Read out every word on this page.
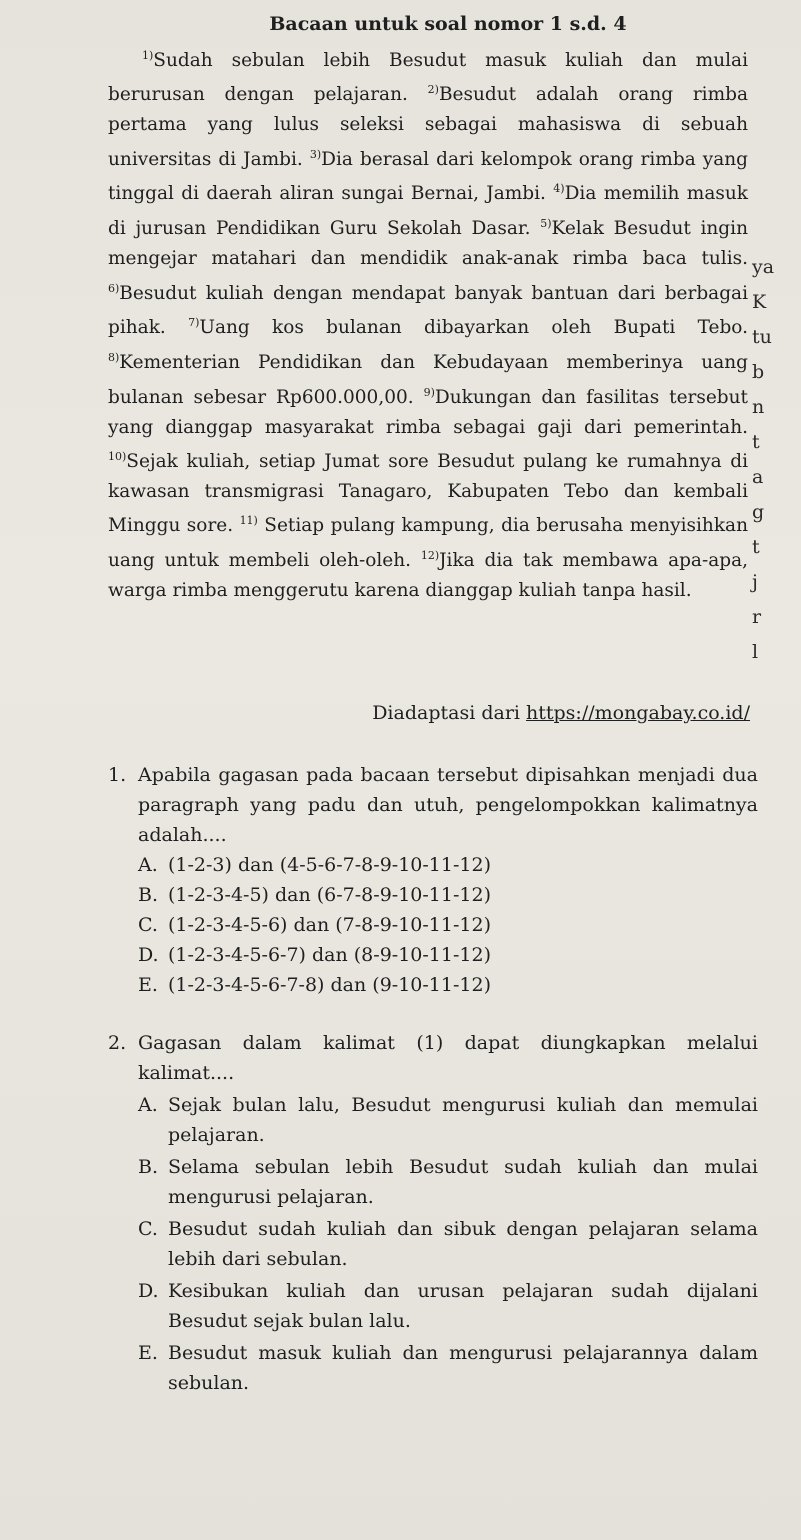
Bacaan untuk soal nomor 1 s.d. 4
$^{1)}$Sudah sebulan lebih Besudut masuk kuliah dan mulai berurusan dengan pelajaran. $^{2)}$Besudut adalah orang rimba pertama yang lulus seleksi sebagai mahasiswa di sebuah universitas di Jambi. $^{3)}$Dia berasal dari kelompok orang rimba yang tinggal di daerah aliran sungai Bernai, Jambi. $^{4)}$Dia memilih masuk di jurusan Pendidikan Guru Sekolah Dasar. $^{5)}$Kelak Besudut ingin mengejar matahari dan mendidik anak-anak rimba baca tulis. $^{6)}$Besudut kuliah dengan mendapat banyak bantuan dari berbagai pihak. $^{7)}$Uang kos bulanan dibayarkan oleh Bupati Tebo. $^{8)}$Kementerian Pendidikan dan Kebudayaan memberinya uang bulanan sebesar Rp600.000,00. $^{9)}$Dukungan dan fasilitas tersebut yang dianggap masyarakat rimba sebagai gaji dari pemerintah. $^{10)}$Sejak kuliah, setiap Jumat sore Besudut pulang ke rumahnya di kawasan transmigrasi Tanagaro, Kabupaten Tebo dan kembali Minggu sore. $^{11)}$ Setiap pulang kampung, dia berusaha menyisihkan uang untuk membeli oleh-oleh. $^{12)}$Jika dia tak membawa apa-apa, warga rimba menggerutu karena dianggap kuliah tanpa hasil.
Diadaptasi dari https://mongabay.co.id/
ya
K
tu
b
n
t
a
g
t
j
r
l
1. Apabila gagasan pada bacaan tersebut dipisahkan menjadi dua paragraph yang padu dan utuh, pengelompokkan kalimatnya adalah....
A. (1-2-3) dan (4-5-6-7-8-9-10-11-12)
B. (1-2-3-4-5) dan (6-7-8-9-10-11-12)
C. (1-2-3-4-5-6) dan (7-8-9-10-11-12)
D. (1-2-3-4-5-6-7) dan (8-9-10-11-12)
E. (1-2-3-4-5-6-7-8) dan (9-10-11-12)
2. Gagasan dalam kalimat (1) dapat diungkapkan melalui kalimat....
A. Sejak bulan lalu, Besudut mengurusi kuliah dan memulai pelajaran.
B. Selama sebulan lebih Besudut sudah kuliah dan mulai mengurusi pelajaran.
C. Besudut sudah kuliah dan sibuk dengan pelajaran selama lebih dari sebulan.
D. Kesibukan kuliah dan urusan pelajaran sudah dijalani Besudut sejak bulan lalu.
E. Besudut masuk kuliah dan mengurusi pelajarannya dalam sebulan.
